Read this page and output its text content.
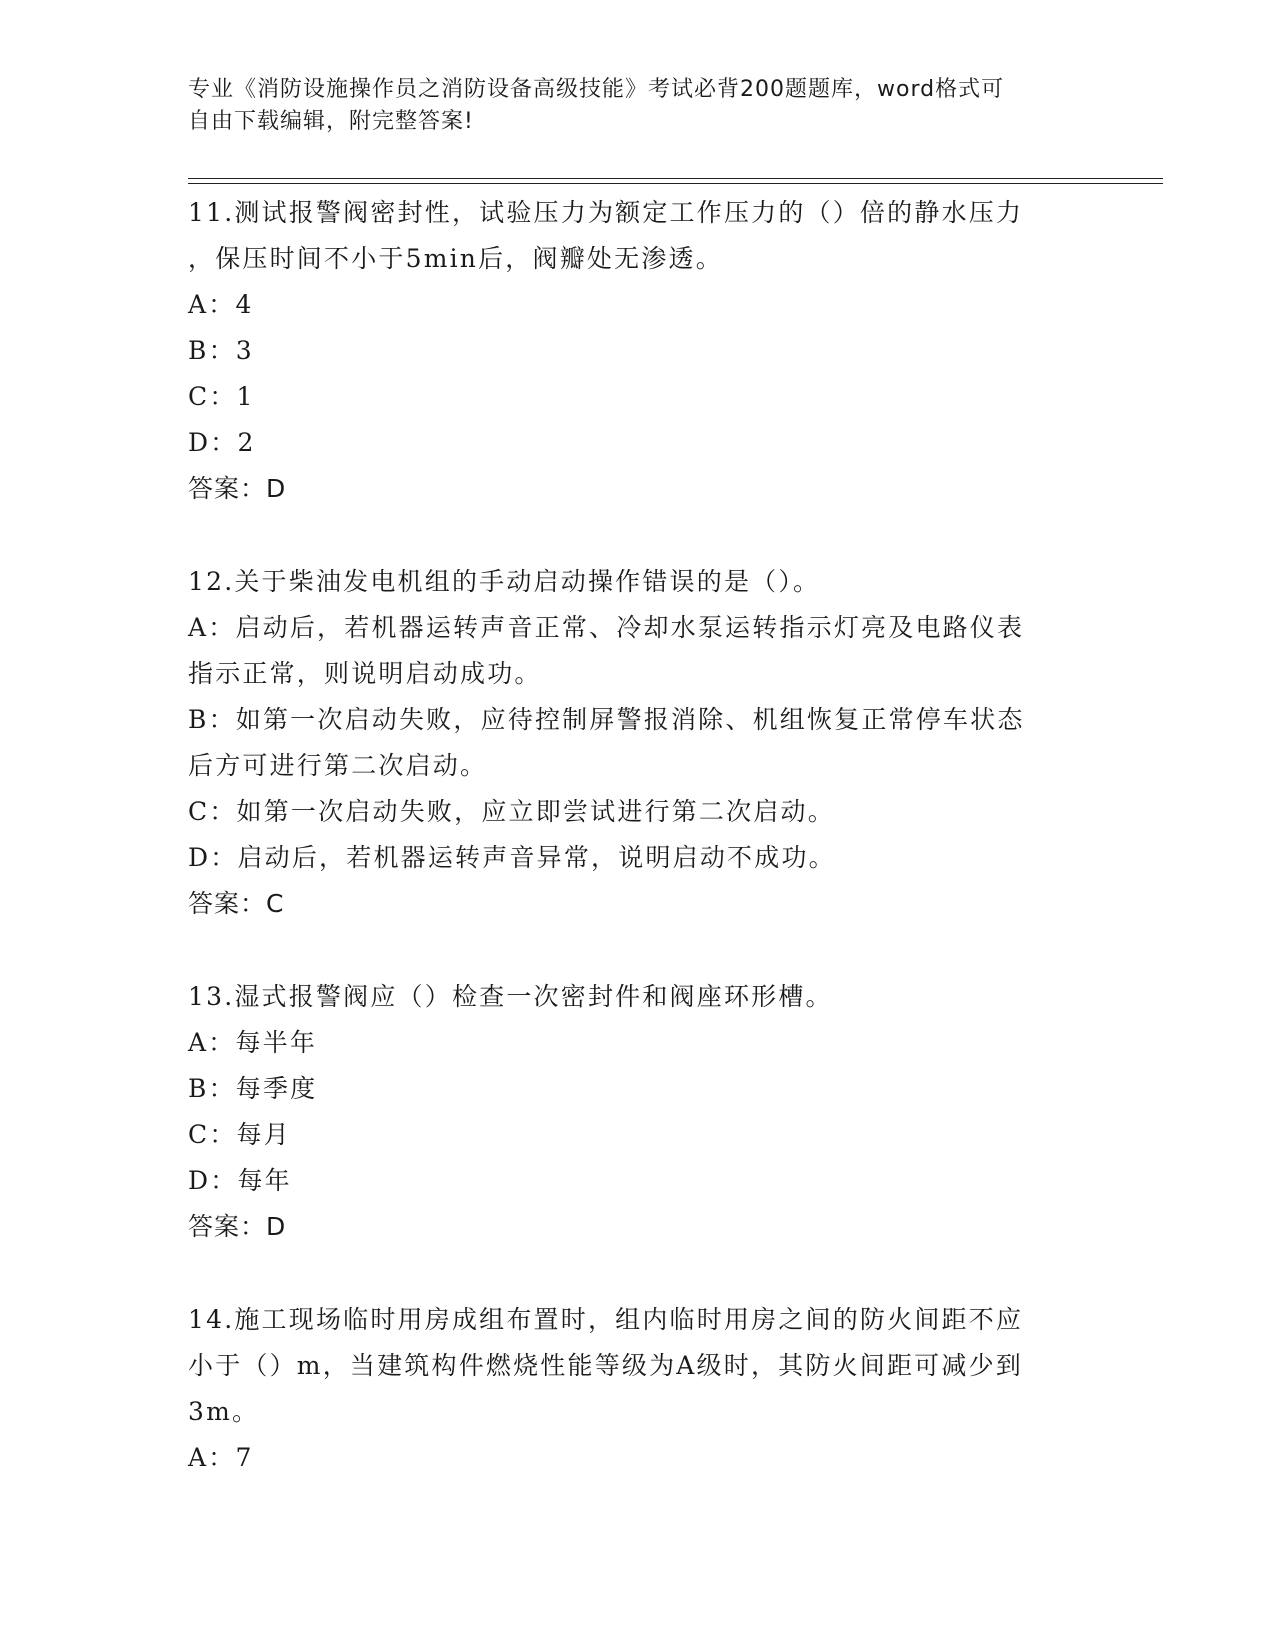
专业《消防设施操作员之消防设备高级技能》考试必背200题题库，word格式可
自由下载编辑，附完整答案!
11.测试报警阀密封性，试验压力为额定工作压力的（）倍的静水压力
，保压时间不小于5min后，阀瓣处无渗透。
A：4
B：3
C：1
D：2
答案：D
12.关于柴油发电机组的手动启动操作错误的是（）。
A：启动后，若机器运转声音正常、冷却水泵运转指示灯亮及电路仪表
指示正常，则说明启动成功。
B：如第一次启动失败，应待控制屏警报消除、机组恢复正常停车状态
后方可进行第二次启动。
C：如第一次启动失败，应立即尝试进行第二次启动。
D：启动后，若机器运转声音异常，说明启动不成功。
答案：C
13.湿式报警阀应（）检查一次密封件和阀座环形槽。
A：每半年
B：每季度
C：每月
D：每年
答案：D
14.施工现场临时用房成组布置时，组内临时用房之间的防火间距不应
小于（）m，当建筑构件燃烧性能等级为A级时，其防火间距可减少到
3m。
A：7
